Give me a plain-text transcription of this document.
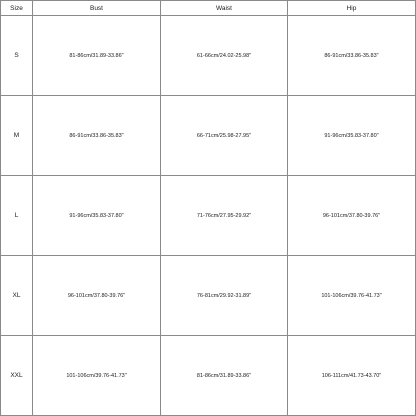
Size	Bust	Waist	Hip
S	81-86cm/31.89-33.86"	61-66cm/24.02-25.98"	86-91cm/33.86-35.83"
M	86-91cm/33.86-35.83"	66-71cm/25.98-27.95"	91-96cm/35.83-37.80"
L	91-96cm/35.83-37.80"	71-76cm/27.95-29.92"	96-101cm/37.80-39.76"
XL	96-101cm/37.80-39.76"	76-81cm/29.92-31.89"	101-106cm/39.76-41.73"
XXL	101-106cm/39.76-41.73"	81-86cm/31.89-33.86"	106-111cm/41.73-43.70"
